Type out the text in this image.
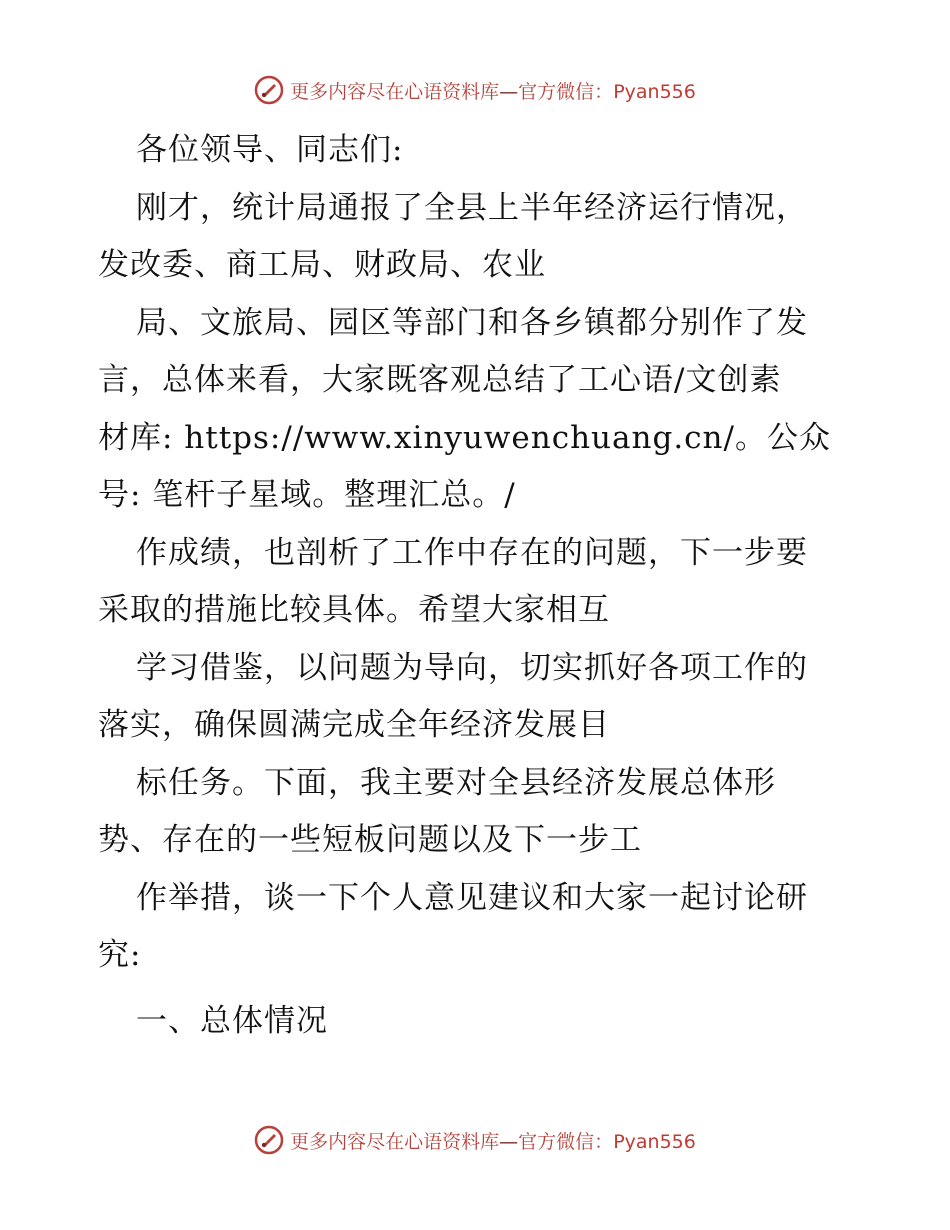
更多内容尽在心语资料库—官方微信：Pyan556
各位领导、同志们:
刚才，统计局通报了全县上半年经济运行情况，
发改委、商工局、财政局、农业
局、文旅局、园区等部门和各乡镇都分别作了发
言，总体来看，大家既客观总结了工心语/文创素
材库: https://www.xinyuwenchuang.cn/。公众
号: 笔杆子星域。整理汇总。/
作成绩，也剖析了工作中存在的问题，下一步要
采取的措施比较具体。希望大家相互
学习借鉴，以问题为导向，切实抓好各项工作的
落实，确保圆满完成全年经济发展目
标任务。下面，我主要对全县经济发展总体形
势、存在的一些短板问题以及下一步工
作举措，谈一下个人意见建议和大家一起讨论研
究:
一、总体情况
更多内容尽在心语资料库—官方微信：Pyan556
